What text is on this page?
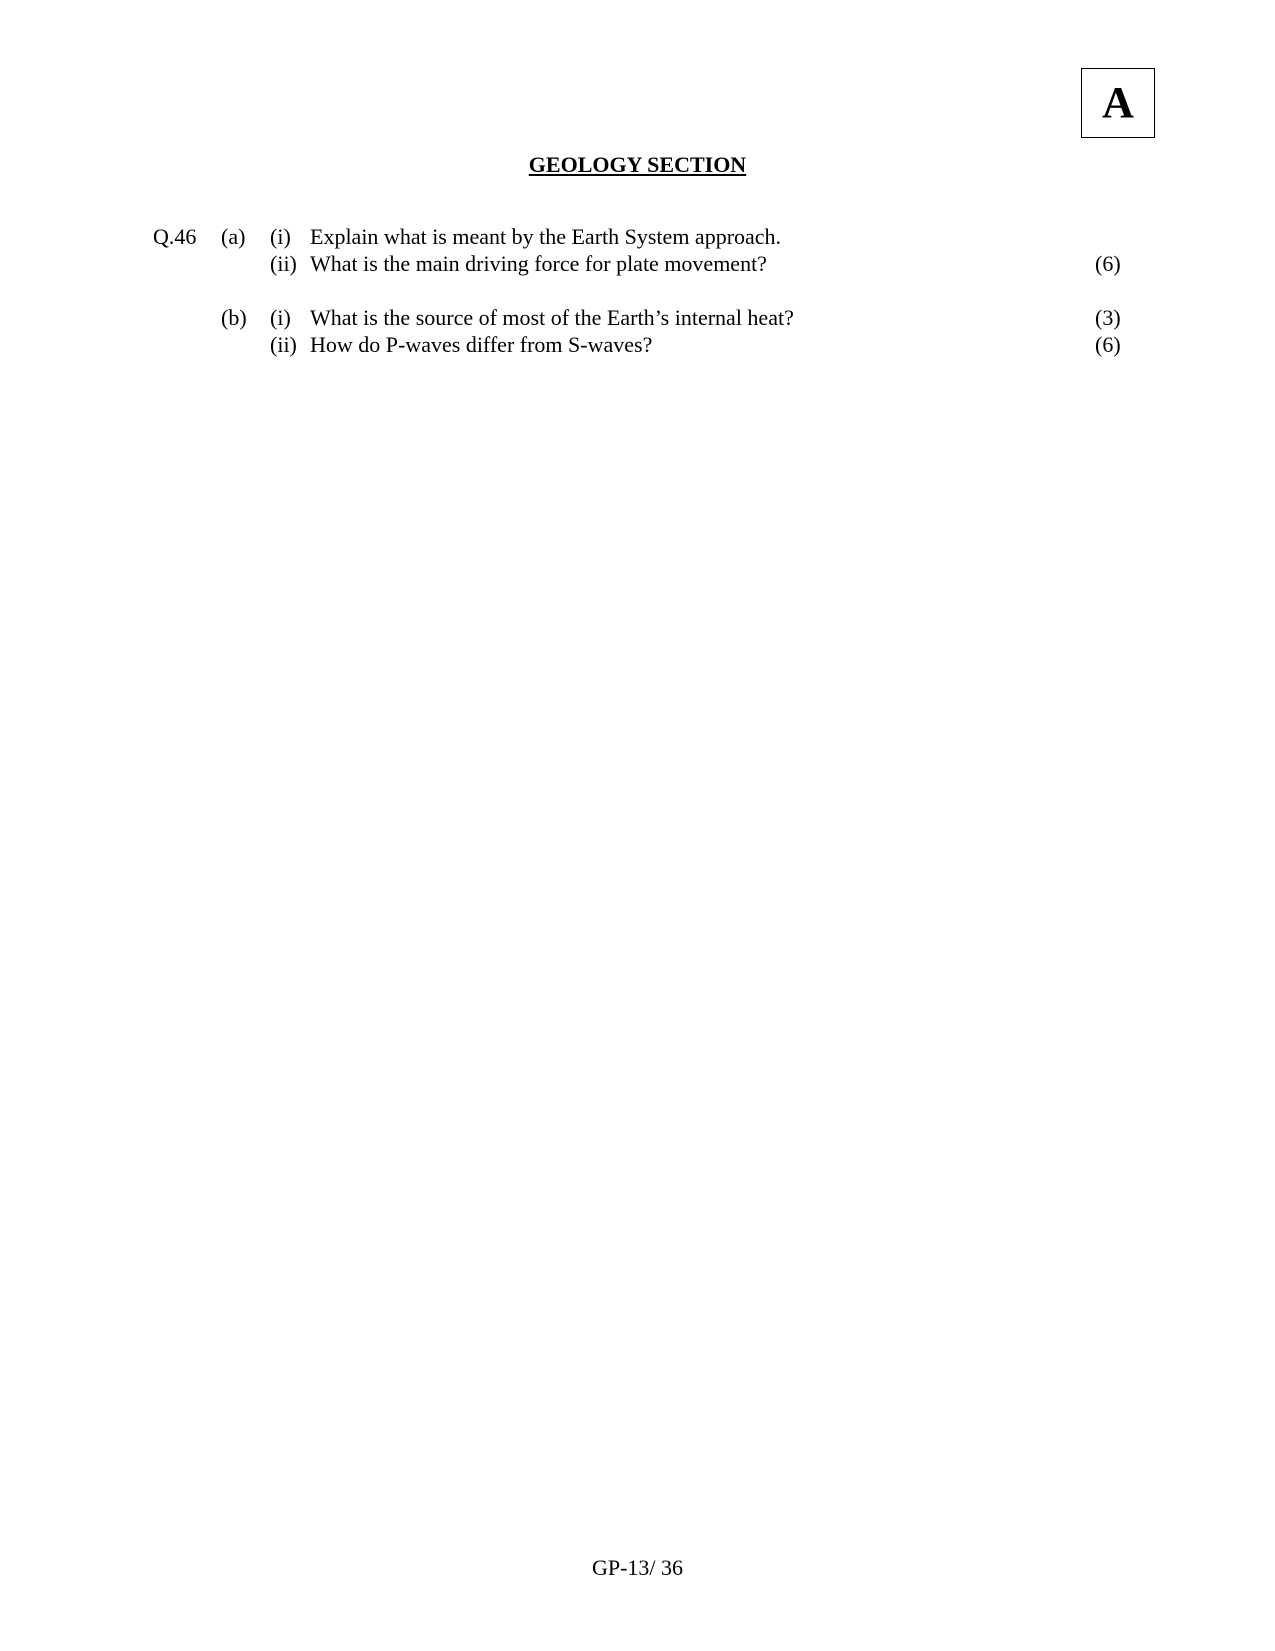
A
GEOLOGY SECTION
Q.46 (a) (i) Explain what is meant by the Earth System approach.
(ii) What is the main driving force for plate movement?	(6)
(b) (i) What is the source of most of the Earth’s internal heat?	(3)
(ii) How do P-waves differ from S-waves?	(6)
GP-13/ 36
